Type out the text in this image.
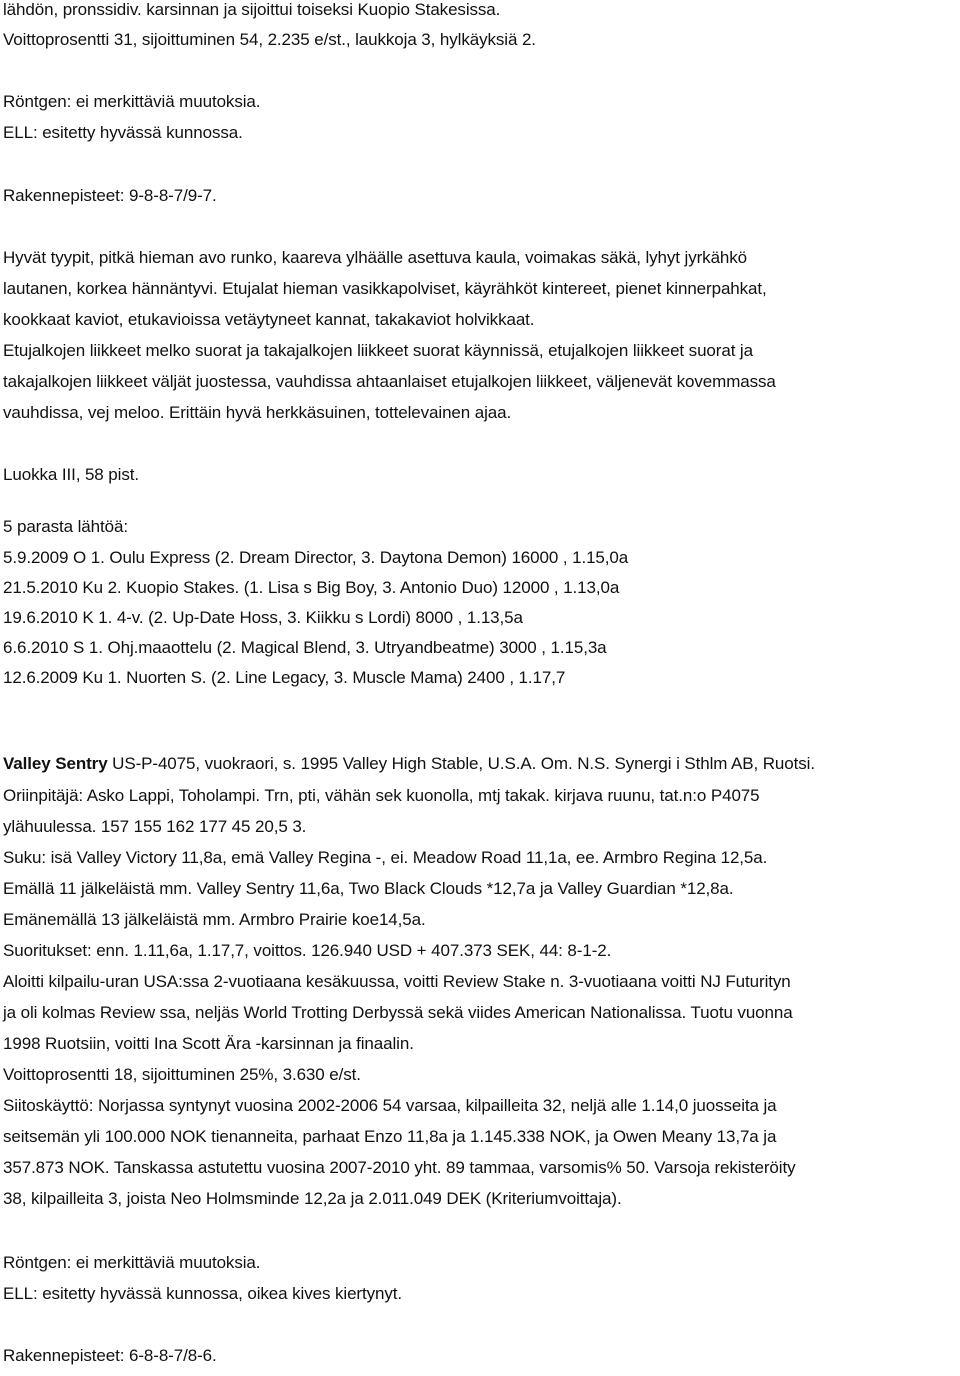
lähdön, pronssidiv. karsinnan ja sijoittui toiseksi Kuopio Stakesissa.
Voittoprosentti 31, sijoittuminen 54, 2.235 e/st., laukkoja 3, hylkäyksiä 2.
Röntgen: ei merkittäviä muutoksia.
ELL: esitetty hyvässä kunnossa.
Rakennepisteet: 9-8-8-7/9-7.
Hyvät tyypit, pitkä hieman avo runko, kaareva ylhäälle asettuva kaula, voimakas säkä, lyhyt jyrkähkö
lautanen, korkea hännäntyvi. Etujalat hieman vasikkapolviset, käyrähköt kintereet, pienet kinnerpahkat,
kookkaat kaviot, etukavioissa vetäytyneet kannat, takakaviot holvikkaat.
Etujalkojen liikkeet melko suorat ja takajalkojen liikkeet suorat käynnissä, etujalkojen liikkeet suorat ja
takajalkojen liikkeet väljät juostessa, vauhdissa ahtaanlaiset etujalkojen liikkeet, väljenevät kovemmassa
vauhdissa, vej meloo. Erittäin hyvä herkkäsuinen, tottelevainen ajaa.
Luokka III, 58 pist.
5 parasta lähtöä:
5.9.2009 O 1. Oulu Express (2. Dream Director, 3. Daytona Demon) 16000 , 1.15,0a
21.5.2010 Ku 2. Kuopio Stakes. (1. Lisa s Big Boy, 3. Antonio Duo) 12000 , 1.13,0a
19.6.2010 K 1. 4-v. (2. Up-Date Hoss, 3. Kiikku s Lordi) 8000 , 1.13,5a
6.6.2010 S 1. Ohj.maaottelu (2. Magical Blend, 3. Utryandbeatme) 3000 , 1.15,3a
12.6.2009 Ku 1. Nuorten S. (2. Line Legacy, 3. Muscle Mama) 2400 , 1.17,7
Valley Sentry US-P-4075, vuokraori, s. 1995 Valley High Stable, U.S.A. Om. N.S. Synergi i Sthlm AB, Ruotsi.
Oriinpitäjä: Asko Lappi, Toholampi. Trn, pti, vähän sek kuonolla, mtj takak. kirjava ruunu, tat.n:o P4075
ylähuulessa. 157 155 162 177 45 20,5 3.
Suku: isä Valley Victory 11,8a, emä Valley Regina -, ei. Meadow Road 11,1a, ee. Armbro Regina 12,5a.
Emällä 11 jälkeläistä mm. Valley Sentry 11,6a, Two Black Clouds *12,7a ja Valley Guardian *12,8a.
Emänemällä 13 jälkeläistä mm. Armbro Prairie koe14,5a.
Suoritukset: enn. 1.11,6a, 1.17,7, voittos. 126.940 USD + 407.373 SEK, 44: 8-1-2.
Aloitti kilpailu-uran USA:ssa 2-vuotiaana kesäkuussa, voitti Review Stake n. 3-vuotiaana voitti NJ Futurityn
ja oli kolmas Review ssa, neljäs World Trotting Derbyssä sekä viides American Nationalissa. Tuotu vuonna
1998 Ruotsiin, voitti Ina Scott Ära -karsinnan ja finaalin.
Voittoprosentti 18, sijoittuminen 25%, 3.630 e/st.
Siitoskäyttö: Norjassa syntynyt vuosina 2002-2006 54 varsaa, kilpailleita 32, neljä alle 1.14,0 juosseita ja
seitsemän yli 100.000 NOK tienanneita, parhaat Enzo 11,8a ja 1.145.338 NOK, ja Owen Meany 13,7a ja
357.873 NOK. Tanskassa astutettu vuosina 2007-2010 yht. 89 tammaa, varsomis% 50. Varsoja rekisteröity
38, kilpailleita 3, joista Neo Holmsminde 12,2a ja 2.011.049 DEK (Kriteriumvoittaja).
Röntgen: ei merkittäviä muutoksia.
ELL: esitetty hyvässä kunnossa, oikea kives kiertynyt.
Rakennepisteet: 6-8-8-7/8-6.
